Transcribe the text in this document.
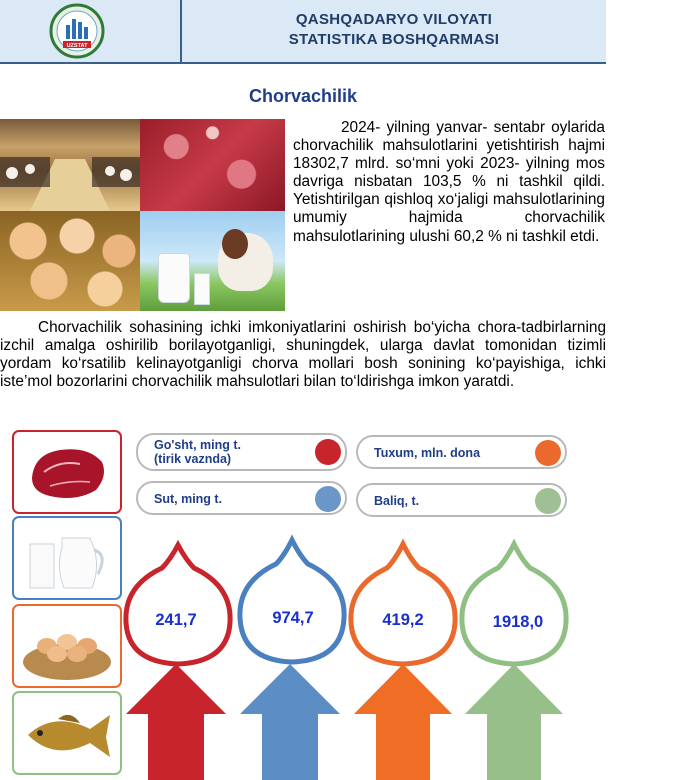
UZSTAT
QASHQADARYO VILOYATI
STATISTIKA BOSHQARMASI
Chorvachilik

2024- yilning yanvar- sentabr oylarida chorvachilik mahsulotlarini yetishtirish hajmi 18302,7 mlrd. so‘mni yoki 2023- yilning mos davriga nisbatan 103,5 % ni tashkil qildi. Yetishtirilgan qishloq xo‘jaligi mahsulotlarining umumiy hajmida chorvachilik mahsulotlarining ulushi 60,2 % ni tashkil etdi.

Chorvachilik sohasining ichki imkoniyatlarini oshirish bo‘yicha chora-tadbirlarning izchil amalga oshirilib borilayotganligi, shuningdek, ularga davlat tomonidan tizimli yordam ko‘rsatilib kelinayotganligi chorva mollari bosh sonining ko‘payishiga, ichki iste’mol bozorlarini chorvachilik mahsulotlari bilan to‘ldirishga imkon yaratdi.

Go'sht, ming t.
(tirik vaznda)	Tuxum, mln. dona
Sut, ming t.	Baliq, t.
241,7	974,7	419,2	1918,0
